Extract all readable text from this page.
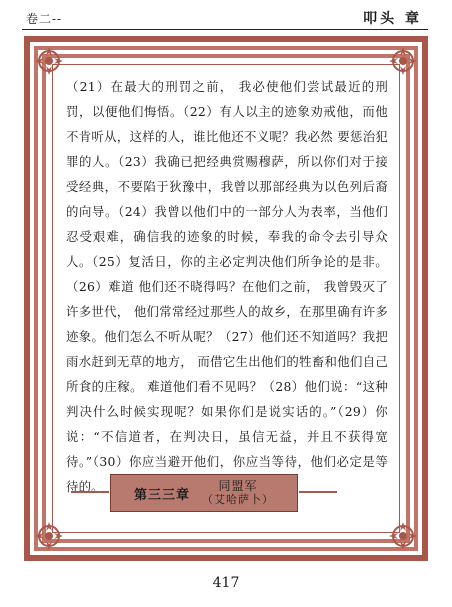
卷二--	叩头 章

（21）在最大的刑罚之前， 我必使他们尝试最近的刑罚，以便他们悔悟。（22）有人以主的迹象劝戒他，而他不肯听从，这样的人，谁比他还不义呢？我必然 要惩治犯罪的人。（23）我确已把经典赏赐穆萨，所以你们对于接受经典，不要陷于狄豫中，我曾以那部经典为以色列后裔的向导。（24）我曾以他们中的一部分人为表率，当他们忍受艰难，确信我的迹象的时候，奉我的命令去引导众人。（25）复活日，你的主必定判决他们所争论的是非。（26）难道 他们还不晓得吗？在他们之前， 我曾毁灭了许多世代， 他们常常经过那些人的故乡，在那里确有许多迹象。他们怎么不听从呢？（27）他们还不知道吗？我把雨水赶到无草的地方， 而借它生出他们的牲畜和他们自己所食的庄稼。 难道他们看不见吗？（28）他们说：“这种判决什么时候实现呢？如果你们是说实话的。”（29）你说：“不信道者，在判决日，虽信无益，并且不获得宽待。”（30）你应当避开他们，你应当等待，他们必定是等待的。

第三三章
同盟军
（艾哈萨卜）
417
